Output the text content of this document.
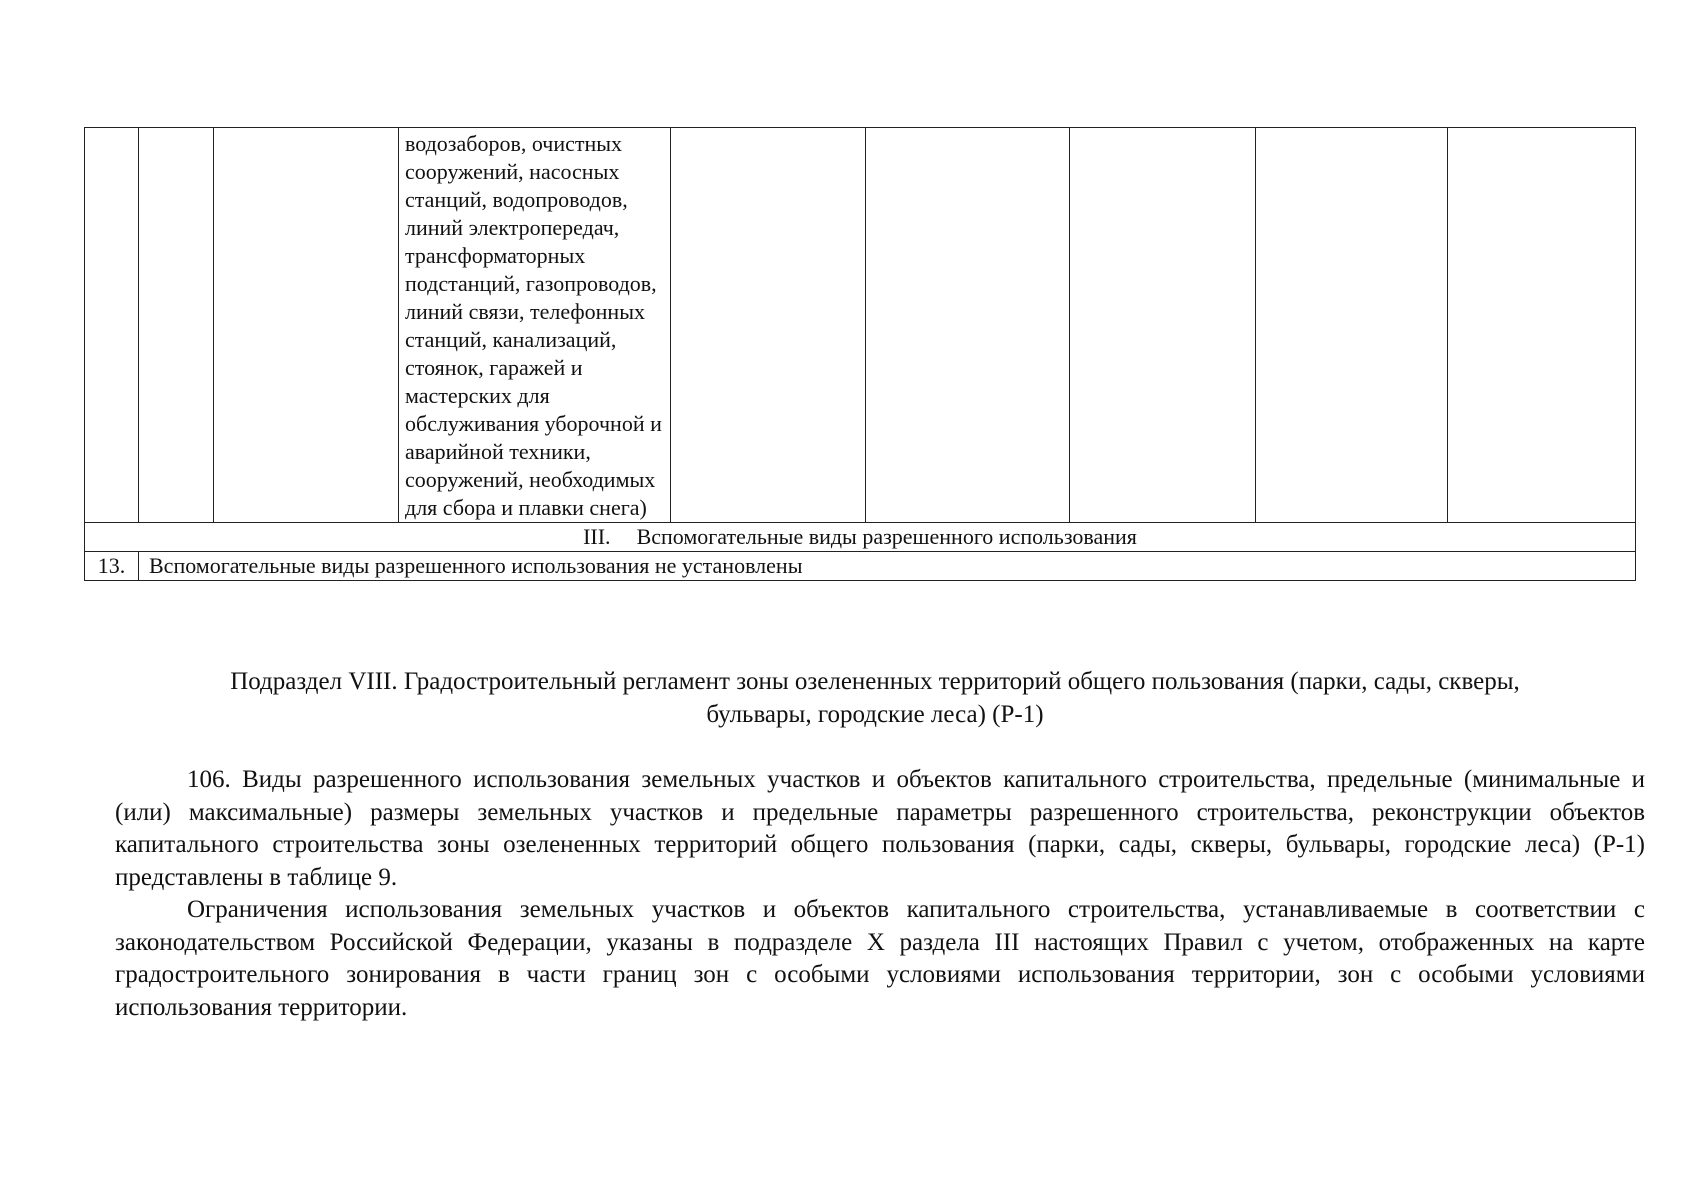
			водозаборов, очистных сооружений, насосных станций, водопроводов, линий электропередач, трансформаторных подстанций, газопроводов, линий связи, телефонных станций, канализаций, стоянок, гаражей и мастерских для обслуживания уборочной и аварийной техники, сооружений, необходимых для сбора и плавки снега)					
III. Вспомогательные виды разрешенного использования								
13.	Вспомогательные виды разрешенного использования не установлены							
Подраздел VIII. Градостроительный регламент зоны озелененных территорий общего пользования (парки, сады, скверы,
бульвары, городские леса) (Р-1)
106. Виды разрешенного использования земельных участков и объектов капитального строительства, предельные (минимальные и (или) максимальные) размеры земельных участков и предельные параметры разрешенного строительства, реконструкции объектов капитального строительства зоны озелененных территорий общего пользования (парки, сады, скверы, бульвары, городские леса) (Р-1) представлены в таблице 9.
Ограничения использования земельных участков и объектов капитального строительства, устанавливаемые в соответствии с законодательством Российской Федерации, указаны в подразделе X раздела III настоящих Правил с учетом, отображенных на карте градостроительного зонирования в части границ зон с особыми условиями использования территории, зон с особыми условиями использования территории.
